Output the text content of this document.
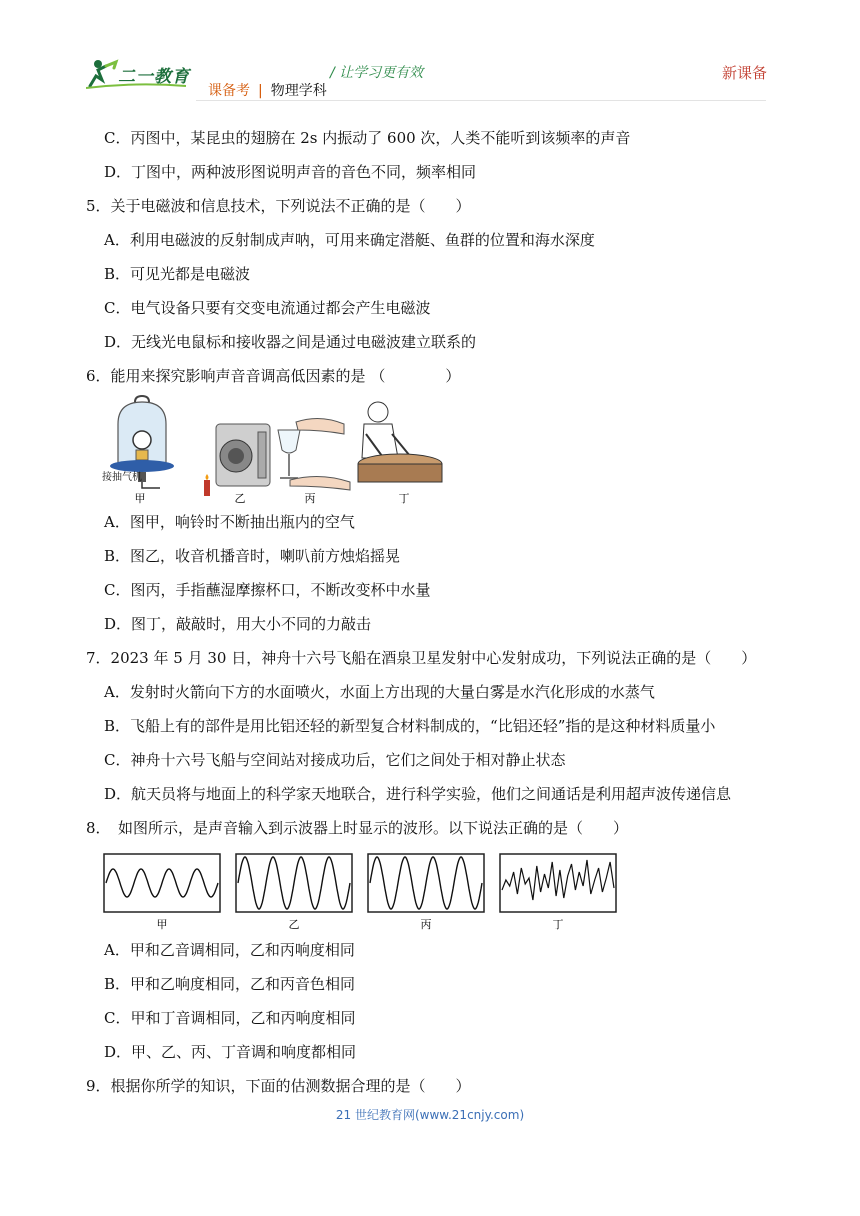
二一教育	/ 让学习更有效	新课备
课备考 | 物理学科
C．丙图中，某昆虫的翅膀在 2s 内振动了 600 次，人类不能听到该频率的声音
D．丁图中，两种波形图说明声音的音色不同，频率相同
5．关于电磁波和信息技术，下列说法不正确的是（　　）
A．利用电磁波的反射制成声呐，可用来确定潜艇、鱼群的位置和海水深度
B．可见光都是电磁波
C．电气设备只要有交变电流通过都会产生电磁波
D．无线光电鼠标和接收器之间是通过电磁波建立联系的
6．能用来探究影响声音音调高低因素的是 （　　　　）
接抽气机
甲	乙	丙	丁
A．图甲，响铃时不断抽出瓶内的空气
B．图乙，收音机播音时，喇叭前方烛焰摇晃
C．图丙，手指蘸湿摩擦杯口，不断改变杯中水量
D．图丁，敲敲时，用大小不同的力敲击
7．2023 年 5 月 30 日，神舟十六号飞船在酒泉卫星发射中心发射成功，下列说法正确的是（　　）
A．发射时火箭向下方的水面喷火，水面上方出现的大量白雾是水汽化形成的水蒸气
B．飞船上有的部件是用比铝还轻的新型复合材料制成的，“比铝还轻”指的是这种材料质量小
C．神舟十六号飞船与空间站对接成功后，它们之间处于相对静止状态
D．航天员将与地面上的科学家天地联合，进行科学实验，他们之间通话是利用超声波传递信息
8．　如图所示，是声音输入到示波器上时显示的波形。以下说法正确的是（　　）
甲	乙	丙	丁
A．甲和乙音调相同，乙和丙响度相同
B．甲和乙响度相同，乙和丙音色相同
C．甲和丁音调相同，乙和丙响度相同
D．甲、乙、丙、丁音调和响度都相同
9．根据你所学的知识，下面的估测数据合理的是（　　）
21 世纪教育网(www.21cnjy.com)
